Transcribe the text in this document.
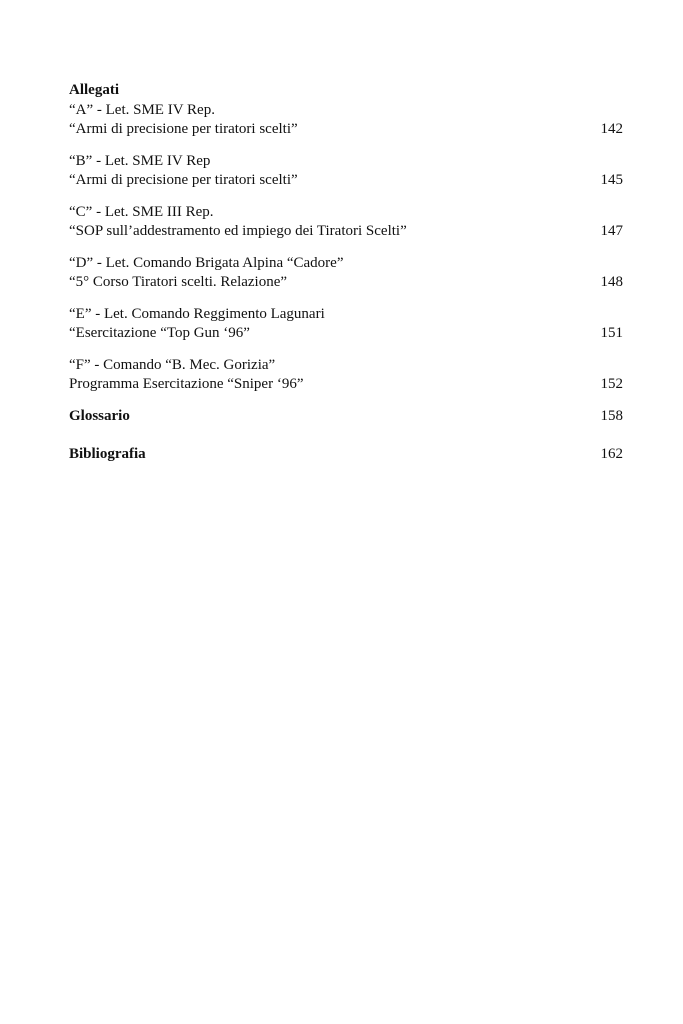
Allegati
“A” - Let. SME IV Rep.
“Armi di precisione per tiratori scelti”	142
“B” - Let. SME IV Rep
“Armi di precisione per tiratori scelti”	145
“C” - Let. SME III Rep.
“SOP sull’addestramento ed impiego dei Tiratori Scelti”	147
“D” - Let. Comando Brigata Alpina “Cadore”
“5° Corso Tiratori scelti. Relazione”	148
“E” - Let. Comando Reggimento Lagunari
“Esercitazione “Top Gun ‘96”	151
“F” - Comando “B. Mec. Gorizia”
Programma Esercitazione “Sniper ‘96”	152
Glossario	158
Bibliografia	162
